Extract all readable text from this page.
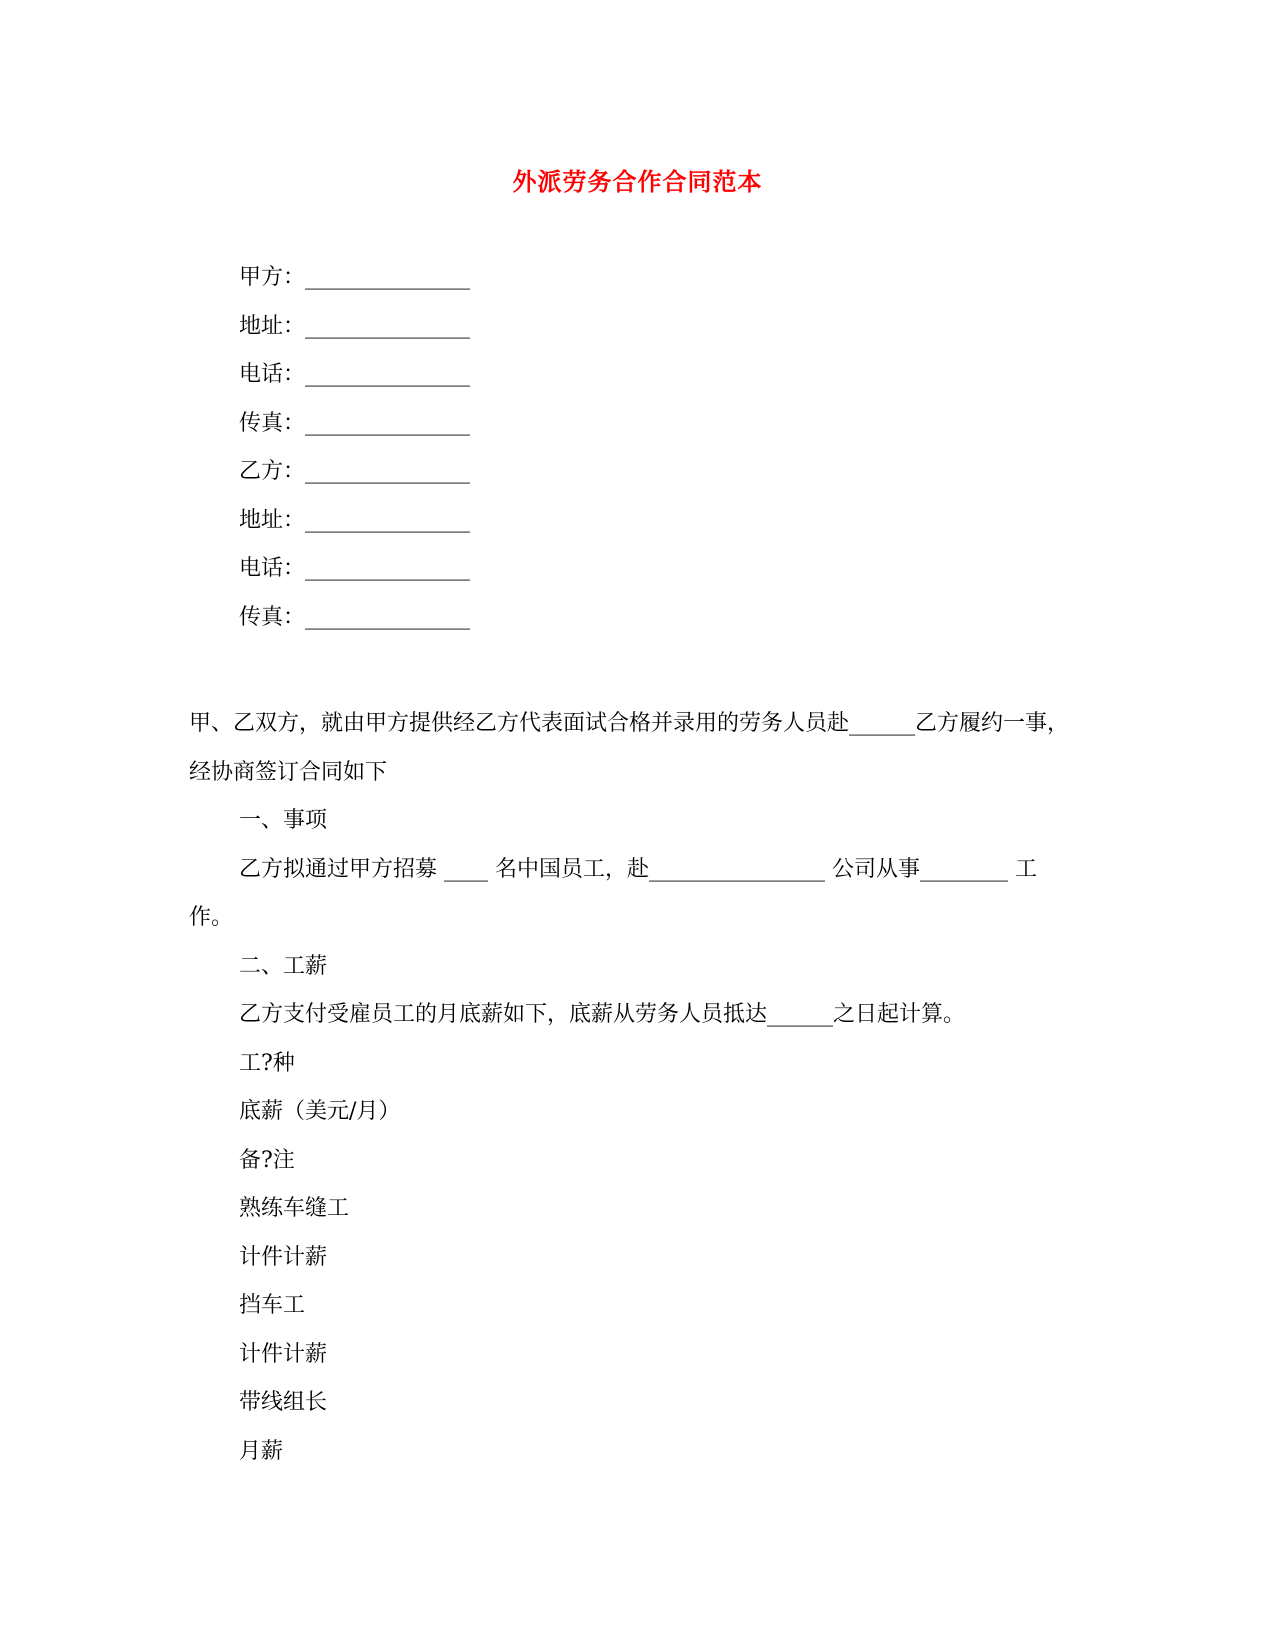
外派劳务合作合同范本
甲方：_______________
地址：_______________
电话：_______________
传真：_______________
乙方：_______________
地址：_______________
电话：_______________
传真：_______________

甲、乙双方，就由甲方提供经乙方代表面试合格并录用的劳务人员赴______乙方履约一事，经协商签订合同如下

一、事项

乙方拟通过甲方招募 ____ 名中国员工，赴________________ 公司从事________ 工作。

二、工薪

乙方支付受雇员工的月底薪如下，底薪从劳务人员抵达______之日起计算。

工?种

底薪（美元/月）

备?注

熟练车缝工

计件计薪

挡车工

计件计薪

带线组长

月薪
